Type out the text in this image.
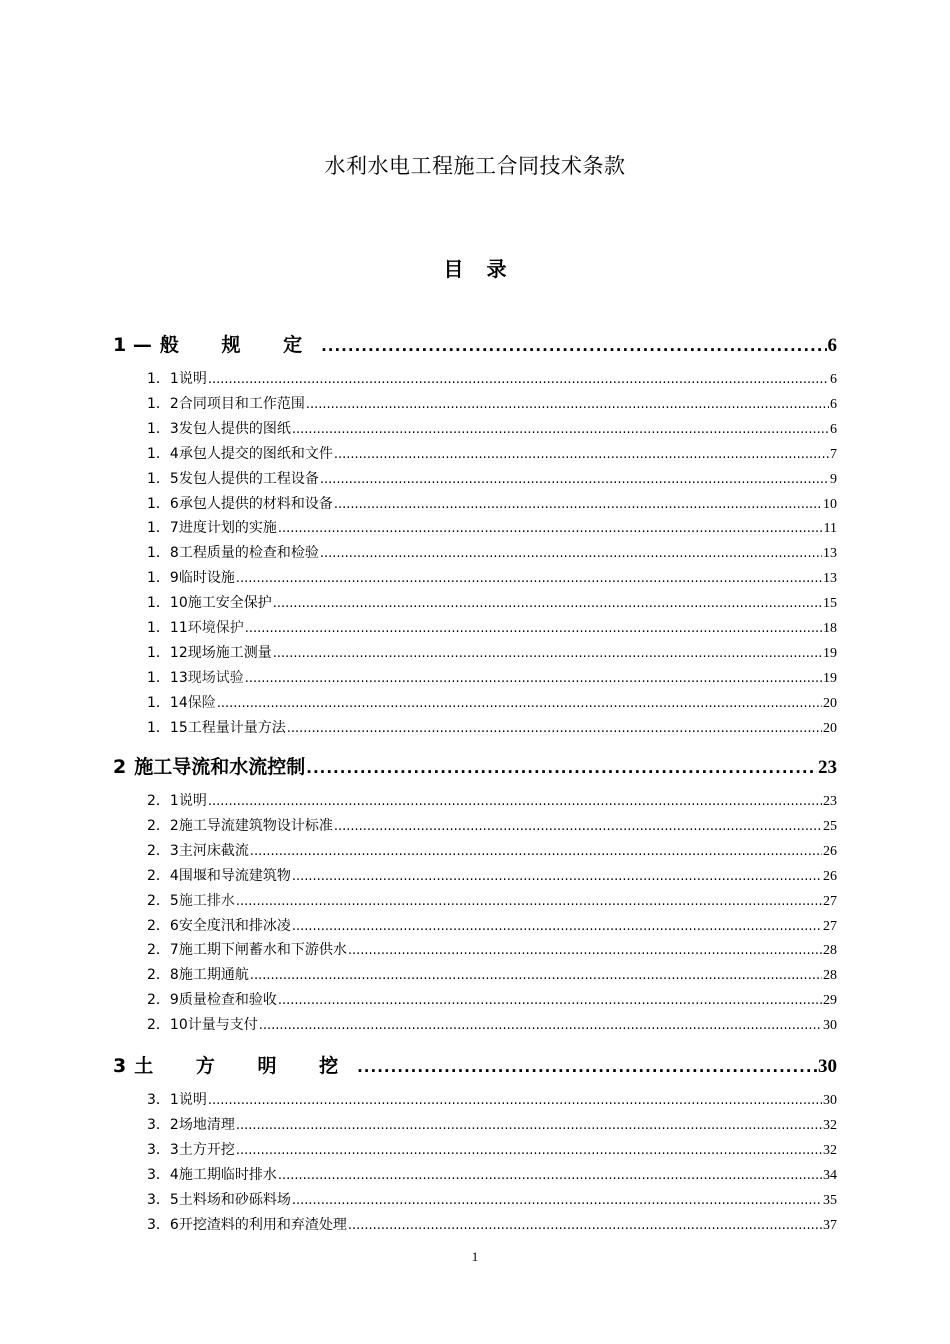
水利水电工程施工合同技术条款
目 录
1 — 般 规 定 .....	6
1．1 说明 .....	6
1．2 合同项目和工作范围 .....	6
1．3 发包人提供的图纸 .....	6
1．4 承包人提交的图纸和文件 .....	7
1．5 发包人提供的工程设备 .....	9
1．6 承包人提供的材料和设备 .....	10
1．7 进度计划的实施 .....	11
1．8 工程质量的检查和检验 .....	13
1．9 临时设施 .....	13
1．10 施工安全保护 .....	15
1．11 环境保护 .....	18
1．12 现场施工测量 .....	19
1．13 现场试验 .....	19
1．14 保险 .....	20
1．15 工程量计量方法 .....	20
2 施工导流和水流控制 .....	23
2．1 说明 .....	23
2．2 施工导流建筑物设计标准 .....	25
2．3 主河床截流 .....	26
2．4 围堰和导流建筑物 .....	26
2．5 施工排水 .....	27
2．6 安全度汛和排冰凌 .....	27
2．7 施工期下闸蓄水和下游供水 .....	28
2．8 施工期通航 .....	28
2．9 质量检查和验收 .....	29
2．10 计量与支付 .....	30
3 土 方 明 挖 .....	30
3．1 说明 .....	30
3．2 场地清理 .....	32
3．3 土方开挖 .....	32
3．4 施工期临时排水 .....	34
3．5 土料场和砂砾料场 .....	35
3．6 开挖渣料的利用和弃渣处理 .....	37
1
